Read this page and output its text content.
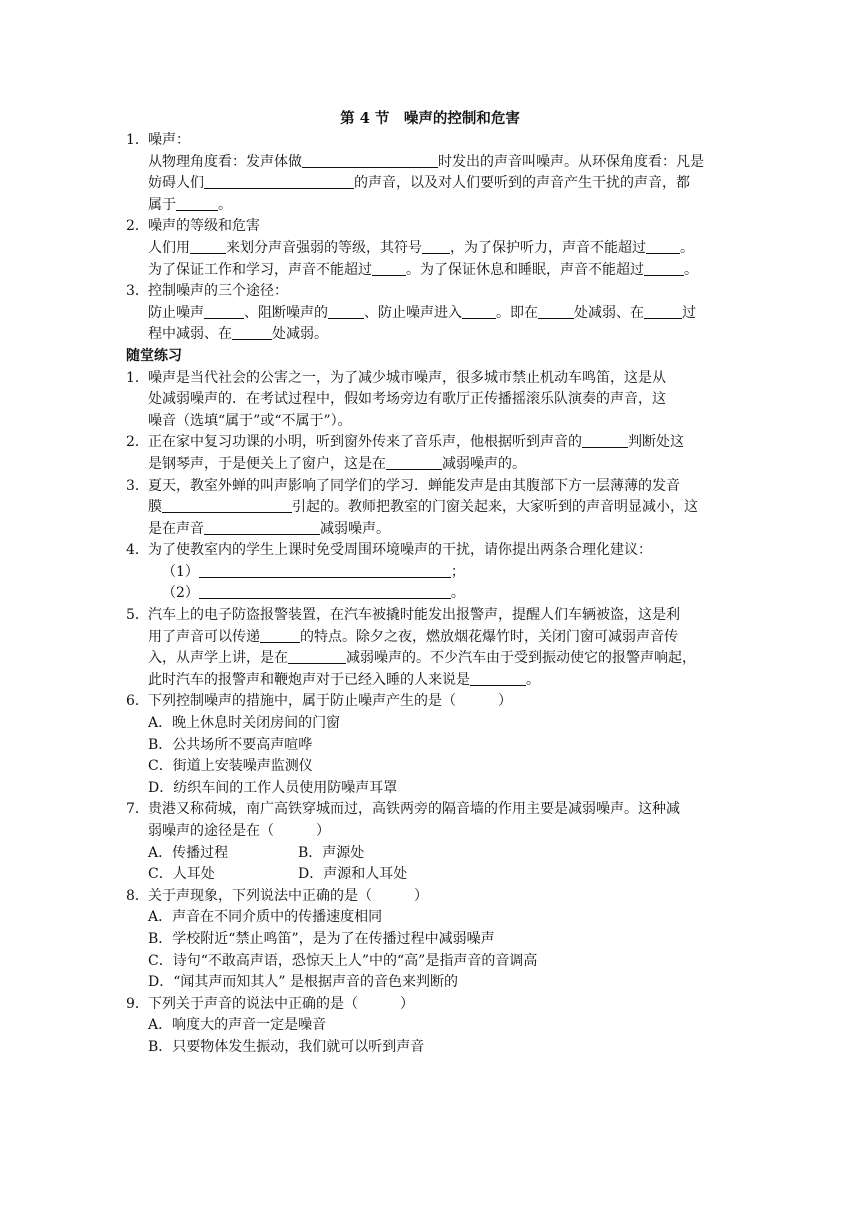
第 4 节　噪声的控制和危害
1．噪声：
从物理角度看：发声体做	时发出的声音叫噪声。从环保角度看：凡是
妨碍人们	的声音，以及对人们要听到的声音产生干扰的声音，都
属于	。
2．噪声的等级和危害
人们用	来划分声音强弱的等级，其符号 ，为了保护听力，声音不能超过 。
为了保证工作和学习，声音不能超过 。为了保证休息和睡眠，声音不能超过	。
3．控制噪声的三个途径：
防止噪声	、阻断噪声的	、防止噪声进入 。即在	处减弱、在	过
程中减弱、在	处减弱。
随堂练习
1．噪声是当代社会的公害之一，为了减少城市噪声，很多城市禁止机动车鸣笛，这是从
处减弱噪声的．在考试过程中，假如考场旁边有歌厅正传播摇滚乐队演奏的声音，这
噪音（选填“属于”或“不属于”）。
2．正在家中复习功课的小明，听到窗外传来了音乐声，他根据听到声音的	判断处这
是钢琴声，于是便关上了窗户，这是在	减弱噪声的。
3．夏天，教室外蝉的叫声影响了同学们的学习．蝉能发声是由其腹部下方一层薄薄的发音
膜	引起的。教师把教室的门窗关起来，大家听到的声音明显减小，这
是在声音	减弱噪声。
4．为了使教室内的学生上课时免受周围环境噪声的干扰，请你提出两条合理化建议：
（1）	；
（2）	。
5．汽车上的电子防盗报警装置，在汽车被撬时能发出报警声，提醒人们车辆被盗，这是利
用了声音可以传递	的特点。除夕之夜，燃放烟花爆竹时，关闭门窗可减弱声音传
入，从声学上讲，是在	减弱噪声的。不少汽车由于受到振动使它的报警声响起，
此时汽车的报警声和鞭炮声对于已经入睡的人来说是	。
6．下列控制噪声的措施中，属于防止噪声产生的是（　　　）
A．晚上休息时关闭房间的门窗
B．公共场所不要高声喧哗
C．街道上安装噪声监测仪
D．纺织车间的工作人员使用防噪声耳罩
7．贵港又称荷城，南广高铁穿城而过，高铁两旁的隔音墙的作用主要是减弱噪声。这种减
弱噪声的途径是在（　　　）
A．传播过程	B．声源处
C．人耳处	D．声源和人耳处
8．关于声现象，下列说法中正确的是（　　　）
A．声音在不同介质中的传播速度相同
B．学校附近“禁止鸣笛”，是为了在传播过程中减弱噪声
C．诗句“不敢高声语，恐惊天上人”中的“高”是指声音的音调高
D．“闻其声而知其人” 是根据声音的音色来判断的
9．下列关于声音的说法中正确的是（　　　）
A．响度大的声音一定是噪音
B．只要物体发生振动，我们就可以听到声音
